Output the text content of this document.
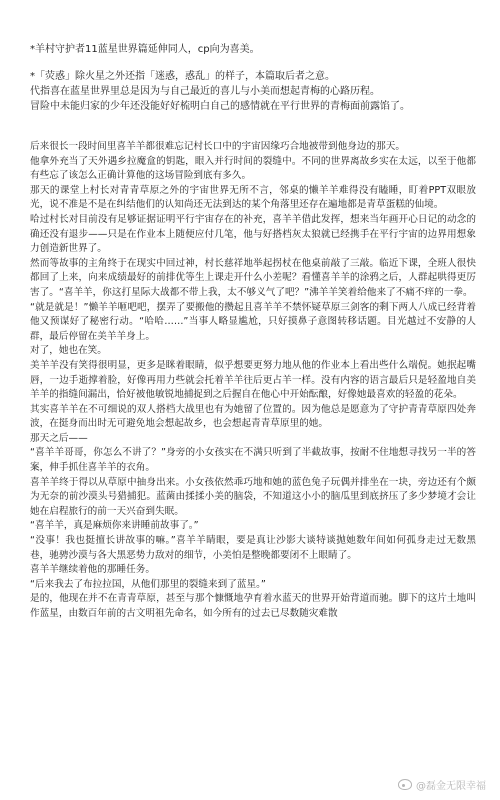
*羊村守护者11蓝星世界篇延伸同人，cp向为喜美。

*「荧惑」除火星之外还指「迷惑，惑乱」的样子，本篇取后者之意。

代指喜在蓝星世界里总是因为与自己最近的喜儿与小美而想起青梅的心路历程。

冒险中未能归家的少年还没能好好梳明白自己的感情就在平行世界的青梅面前露馅了。

后来很长一段时间里喜羊羊都很难忘记村长口中的宇宙因缘巧合地被带到他身边的那天。

他拿外充当了天外遇乡拉魔盒的钥匙，眼入并行时间的裂缝中。不同的世界离故乡实在太远，以至于他都有些忘了该怎么正确计算他的这场冒险到底有多久。

那天的课堂上村长对青青草原之外的宇宙世界无所不言，邻桌的懒羊羊难得没有瞌睡，盯着PPT双眼放光，说不准是不是在纠结他们的认知尚还无法到达的某个角落里还存在遍地都是青草蛋糕的仙境。

哈过村长对目前没有足够证据证明平行宇宙存在的补充，喜羊羊借此发挥，想来当年画开心日记的动念的确还没有退步——只是在作业本上随便应付几笔，他与好搭档灰太狼就已经携手在平行宇宙的边界用想象力创造新世界了。

然而等故事的主角终于在现实中回过神，村长慈祥地举起拐杖在他桌前敲了三敲。临近下课，全班人很快都回了上来，向来成绩最好的前排优等生上课走开什么小差呢？看懂喜羊羊的涂鸦之后，人群起哄得更厉害了。“喜羊羊，你这打星际大战都不带上我，太不够义气了吧？”沸羊羊笑着给他来了不痛不痒的一拳。

“就是就是！”懒羊羊咂吧吧，摆弄了要搬他的攒起且喜羊羊不禁怀疑草原三剑客的剩下两人八成已经背着他又预谋好了秘密行动。“哈哈……”当事人略显尴尬，只好摸鼻子意图转移话题。目光越过不安静的人群，最后停留在美羊羊身上。

对了，她也在笑。

美羊羊没有笑得很明显，更多是眯着眼睛，似乎想要更努力地从他的作业本上看出些什么端倪。她抿起嘴唇，一边手逝撑着脸，好像再用力些就会托着羊羊往后更占羊一样。没有内容的语言最后只是轻盈地自美羊羊的指缝间漏出，恰好被他敏锐地捕捉到之后握自在他心中开始酝酿，好像她最喜欢的轻盈的花朵。

其实喜羊羊在不可细说的双人搭档大战里也有为她留了位置的。因为他总是愿意为了守护青青草原四处奔波，在挺身而出时无可避免地会想起故乡，也会想起青青草原里的她。

那天之后——

“喜羊羊哥哥，你怎么不讲了？”身旁的小女孩实在不满只听到了半截故事，按耐不住地想寻找另一半的答案，伸手抓住喜羊羊的衣角。

喜羊羊终于得以从草原中抽身出来。小女孩依然乖巧地和她的蓝色兔子玩偶并排坐在一块，旁边还有个颇为无奈的前沙漠头号猎捕犯。蓝菌由揉揉小美的脑袋，不知道这小小的脑瓜里到底挤压了多少梦境才会让她在启程旅行的前一天兴奋到失眠。

“喜羊羊，真是麻烦你来讲睡前故事了。”

“没事！我也挺擅长讲故事的嘛。”喜羊羊睛眼，要是真让沙影大谈特谈抛她数年间如何孤身走过无数黑巷，驰骋沙漠与各大黑恶势力敌对的细节，小美怕是整晚都要闭不上眼睛了。

喜羊羊继续着他的那睡任务。

“后来我去了布拉拉国，从他们那里的裂缝来到了蓝星。”

是的，他现在并不在青青草原，甚至与那个慷慨地孕育着水蓝天的世界开始背道而驰。脚下的这片土地叫作蓝星，由数百年前的古文明祖先命名，如今所有的过去已尽数随灾难散

@磊金无限幸福
